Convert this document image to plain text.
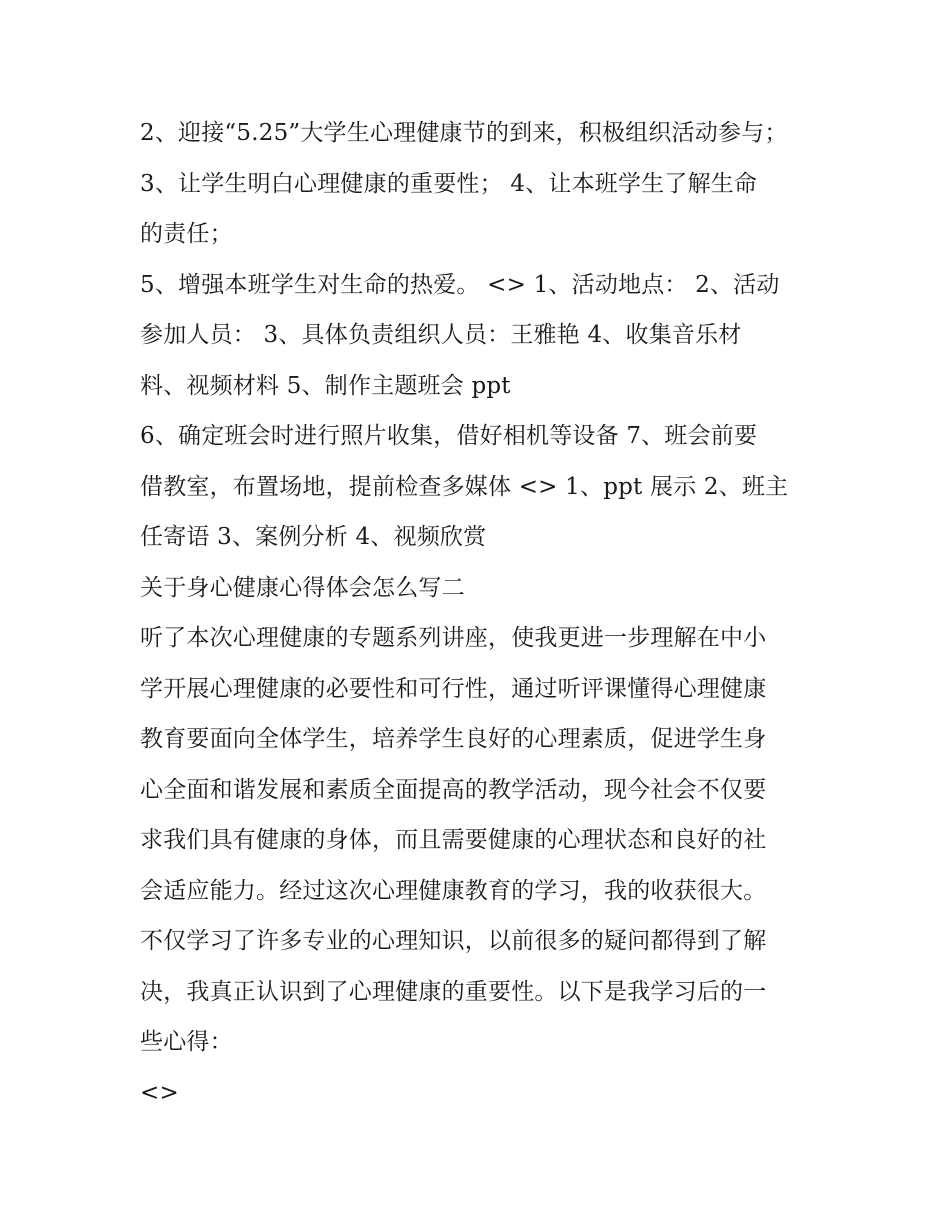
2、迎接“5.25”大学生心理健康节的到来，积极组织活动参与；
3、让学生明白心理健康的重要性； 4、让本班学生了解生命
的责任；
5、增强本班学生对生命的热爱。 <> 1、活动地点： 2、活动
参加人员： 3、具体负责组织人员：王雅艳 4、收集音乐材
料、视频材料 5、制作主题班会 ppt
6、确定班会时进行照片收集，借好相机等设备 7、班会前要
借教室，布置场地，提前检查多媒体 <> 1、ppt 展示 2、班主
任寄语 3、案例分析 4、视频欣赏
关于身心健康心得体会怎么写二
听了本次心理健康的专题系列讲座，使我更进一步理解在中小
学开展心理健康的必要性和可行性，通过听评课懂得心理健康
教育要面向全体学生，培养学生良好的心理素质，促进学生身
心全面和谐发展和素质全面提高的教学活动，现今社会不仅要
求我们具有健康的身体，而且需要健康的心理状态和良好的社
会适应能力。经过这次心理健康教育的学习，我的收获很大。
不仅学习了许多专业的心理知识，以前很多的疑问都得到了解
决，我真正认识到了心理健康的重要性。以下是我学习后的一
些心得：
<>
